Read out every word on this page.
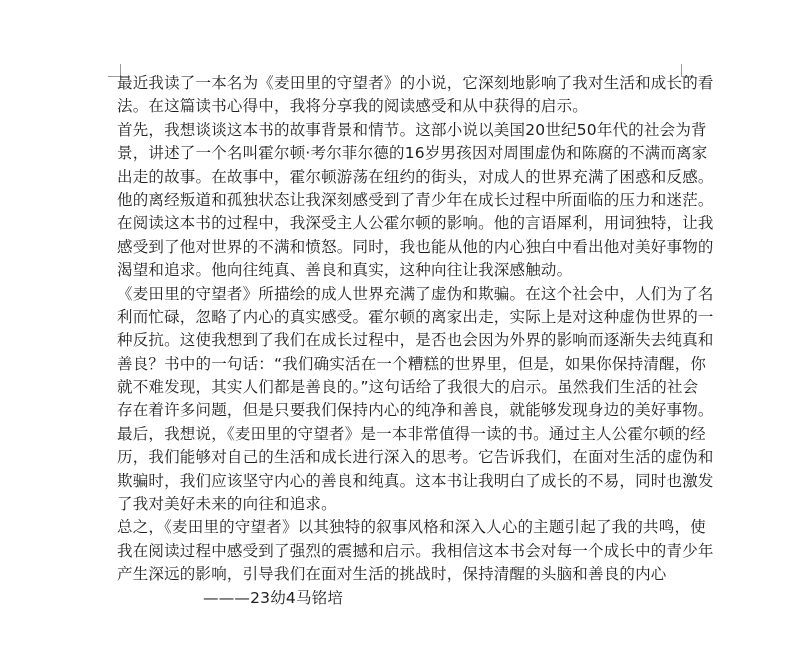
最近我读了一本名为《麦田里的守望者》的小说，它深刻地影响了我对生活和成长的看
法。在这篇读书心得中，我将分享我的阅读感受和从中获得的启示。

首先，我想谈谈这本书的故事背景和情节。这部小说以美国20世纪50年代的社会为背
景，讲述了一个名叫霍尔顿·考尔菲尔德的16岁男孩因对周围虚伪和陈腐的不满而离家
出走的故事。在故事中，霍尔顿游荡在纽约的街头，对成人的世界充满了困惑和反感。
他的离经叛道和孤独状态让我深刻感受到了青少年在成长过程中所面临的压力和迷茫。

在阅读这本书的过程中，我深受主人公霍尔顿的影响。他的言语犀利，用词独特，让我
感受到了他对世界的不满和愤怒。同时，我也能从他的内心独白中看出他对美好事物的
渴望和追求。他向往纯真、善良和真实，这种向往让我深感触动。

《麦田里的守望者》所描绘的成人世界充满了虚伪和欺骗。在这个社会中，人们为了名
利而忙碌，忽略了内心的真实感受。霍尔顿的离家出走，实际上是对这种虚伪世界的一
种反抗。这使我想到了我们在成长过程中，是否也会因为外界的影响而逐渐失去纯真和
善良？书中的一句话：“我们确实活在一个糟糕的世界里，但是，如果你保持清醒，你
就不难发现，其实人们都是善良的。”这句话给了我很大的启示。虽然我们生活的社会
存在着许多问题，但是只要我们保持内心的纯净和善良，就能够发现身边的美好事物。

最后，我想说，《麦田里的守望者》是一本非常值得一读的书。通过主人公霍尔顿的经
历，我们能够对自己的生活和成长进行深入的思考。它告诉我们，在面对生活的虚伪和
欺骗时，我们应该坚守内心的善良和纯真。这本书让我明白了成长的不易，同时也激发
了我对美好未来的向往和追求。

总之，《麦田里的守望者》以其独特的叙事风格和深入人心的主题引起了我的共鸣，使
我在阅读过程中感受到了强烈的震撼和启示。我相信这本书会对每一个成长中的青少年
产生深远的影响，引导我们在面对生活的挑战时，保持清醒的头脑和善良的内心

———23幼4马铭培
